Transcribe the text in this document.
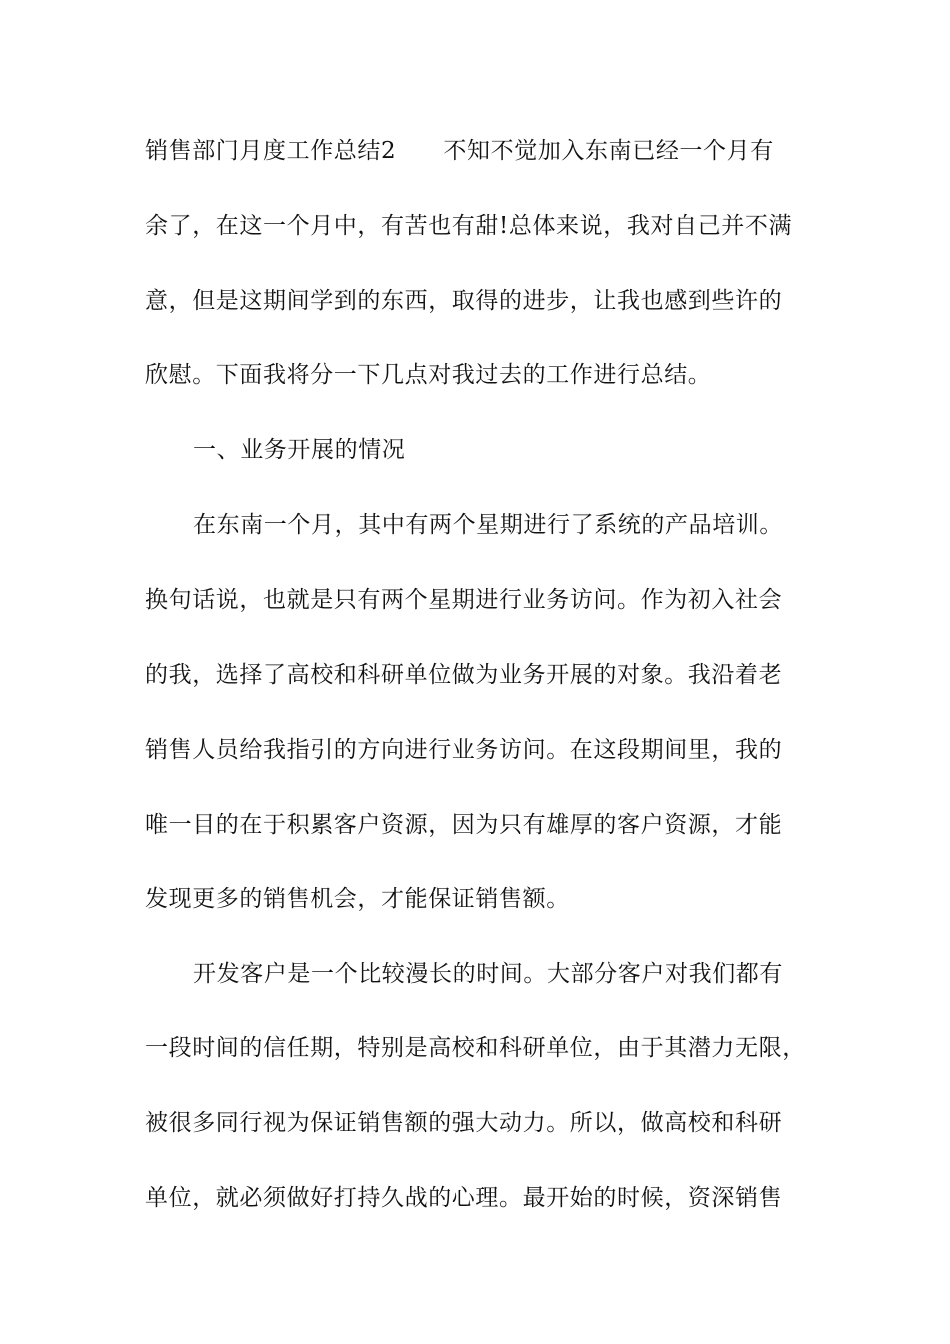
销售部门月度工作总结2　　不知不觉加入东南已经一个月有
余了，在这一个月中，有苦也有甜!总体来说，我对自己并不满
意，但是这期间学到的东西，取得的进步，让我也感到些许的
欣慰。下面我将分一下几点对我过去的工作进行总结。
一、业务开展的情况
在东南一个月，其中有两个星期进行了系统的产品培训。
换句话说，也就是只有两个星期进行业务访问。作为初入社会
的我，选择了高校和科研单位做为业务开展的对象。我沿着老
销售人员给我指引的方向进行业务访问。在这段期间里，我的
唯一目的在于积累客户资源，因为只有雄厚的客户资源，才能
发现更多的销售机会，才能保证销售额。
开发客户是一个比较漫长的时间。大部分客户对我们都有
一段时间的信任期，特别是高校和科研单位，由于其潜力无限，
被很多同行视为保证销售额的强大动力。所以，做高校和科研
单位，就必须做好打持久战的心理。最开始的时候，资深销售
